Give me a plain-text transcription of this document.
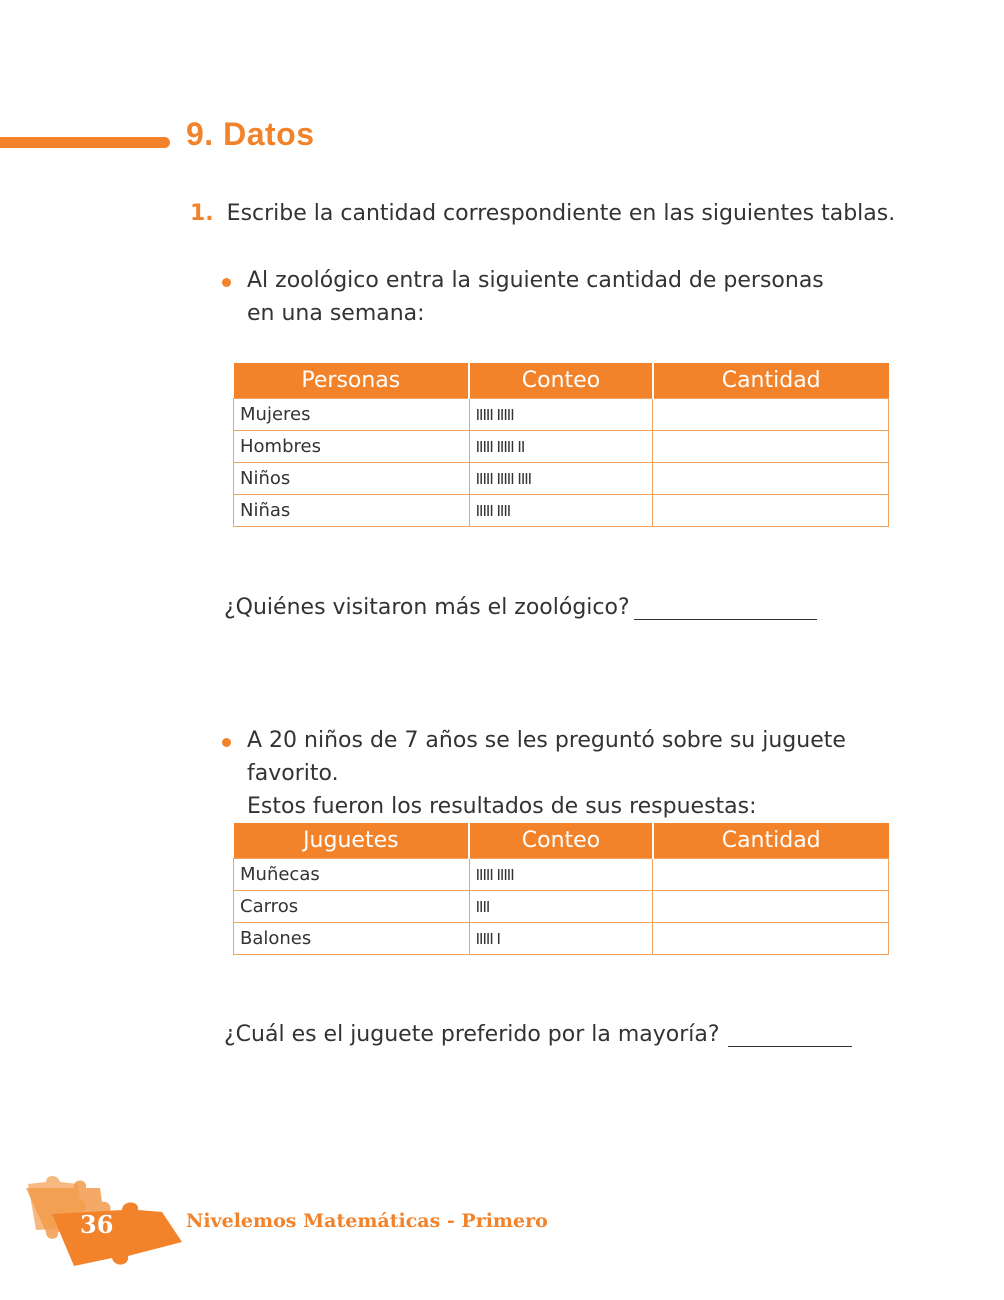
9. Datos
1. Escribe la cantidad correspondiente en las siguientes tablas.
Al zoológico entra la siguiente cantidad de personas
en una semana:
Personas	Conteo	Cantidad
Mujeres	IIIII IIIII	
Hombres	IIIII IIIII II	
Niños	IIIII IIIII IIII	
Niñas	IIIII IIII	
¿Quiénes visitaron más el zoológico?
A 20 niños de 7 años se les preguntó sobre su juguete favorito.
Estos fueron los resultados de sus respuestas:
Juguetes	Conteo	Cantidad
Muñecas	IIIII IIIII	
Carros	IIII	
Balones	IIIII I	
¿Cuál es el juguete preferido por la mayoría?
36	Nivelemos Matemáticas - Primero
